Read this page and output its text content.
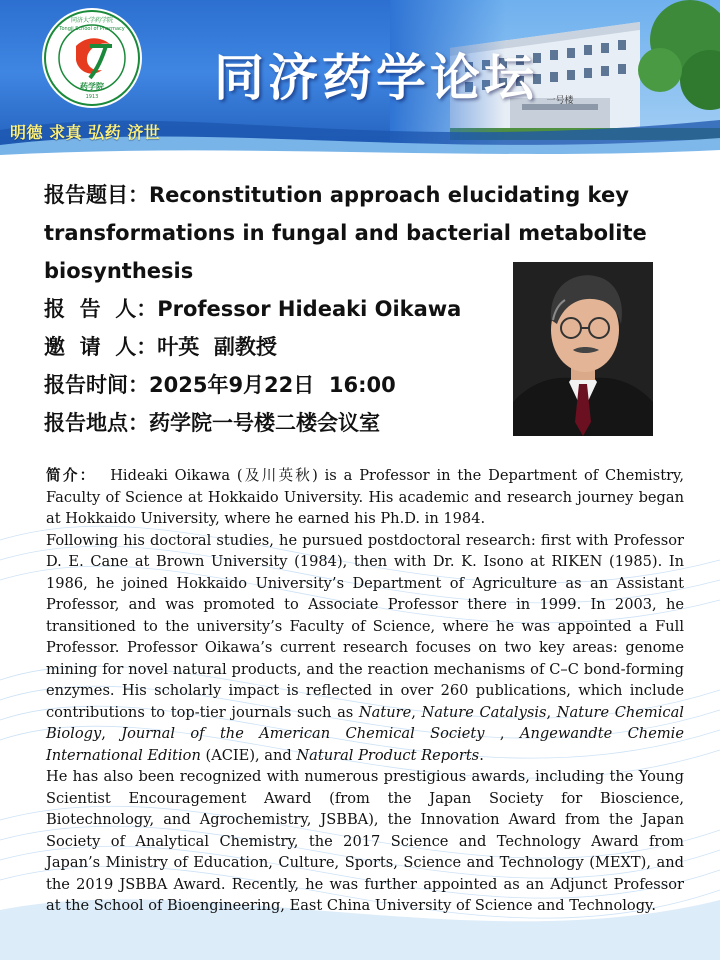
同济大学药学院
Tongji School of Pharmacy
药学院
1913
明德 求真 弘药 济世
同济药学论坛
报告题目：Reconstitution approach elucidating key
transformations in fungal and bacterial metabolite
biosynthesis
报  告  人：Professor Hideaki Oikawa
邀  请  人：叶英  副教授
报告时间：2025年9月22日  16:00
报告地点：药学院一号楼二楼会议室

简介： Hideaki Oikawa (及川英秋) is a Professor in the Department of Chemistry, Faculty of Science at Hokkaido University. His academic and research journey began at Hokkaido University, where he earned his Ph.D. in 1984.

Following his doctoral studies, he pursued postdoctoral research: first with Professor D. E. Cane at Brown University (1984), then with Dr. K. Isono at RIKEN (1985). In 1986, he joined Hokkaido University’s Department of Agriculture as an Assistant Professor, and was promoted to Associate Professor there in 1999. In 2003, he transitioned to the university’s Faculty of Science, where he was appointed a Full Professor. Professor Oikawa’s current research focuses on two key areas: genome mining for novel natural products, and the reaction mechanisms of C–C bond-forming enzymes. His scholarly impact is reflected in over 260 publications, which include contributions to top-tier journals such as Nature, Nature Catalysis, Nature Chemical Biology, Journal of the American Chemical Society , Angewandte Chemie International Edition (ACIE), and Natural Product Reports.

He has also been recognized with numerous prestigious awards, including the Young Scientist Encouragement Award (from the Japan Society for Bioscience, Biotechnology, and Agrochemistry, JSBBA), the Innovation Award from the Japan Society of Analytical Chemistry, the 2017 Science and Technology Award from Japan’s Ministry of Education, Culture, Sports, Science and Technology (MEXT), and the 2019 JSBBA Award. Recently, he was further appointed as an Adjunct Professor at the School of Bioengineering, East China University of Science and Technology.
